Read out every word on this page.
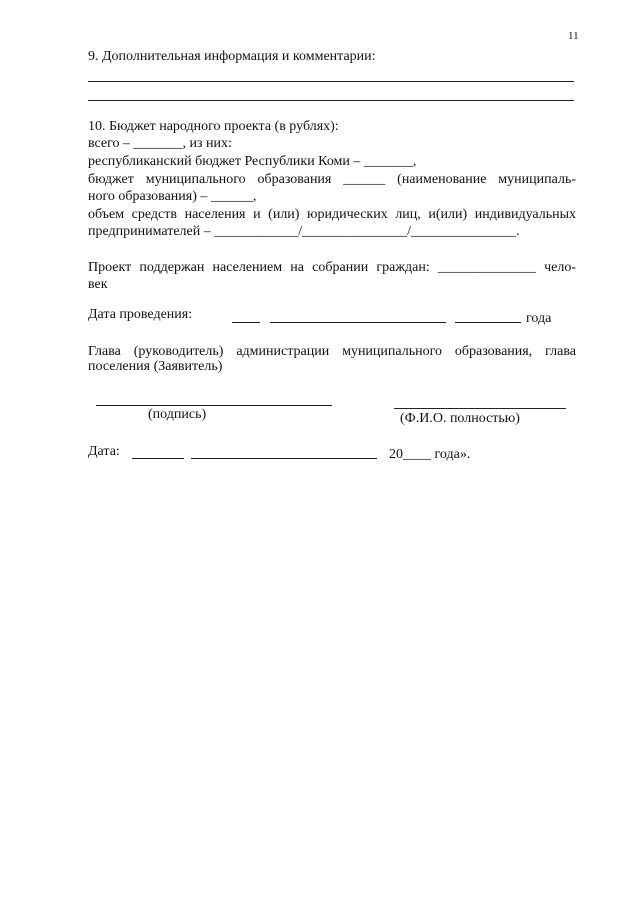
11
9. Дополнительная информация и комментарии:
10. Бюджет народного проекта (в рублях):
всего – _______, из них:
республиканский бюджет Республики Коми – _______,
бюджет муниципального образования ______ (наименование муниципаль-
ного образования) – ______,
объем средств населения и (или) юридических лиц, и(или) индивидуальных
предпринимателей – ____________/_______________/_______________.
Проект поддержан населением на собрании граждан: ______________ чело-
век
Дата проведения:	года
Глава (руководитель) администрации муниципального образования, глава
поселения (Заявитель)
(подпись)	(Ф.И.О. полностью)
Дата:	20____ года».
